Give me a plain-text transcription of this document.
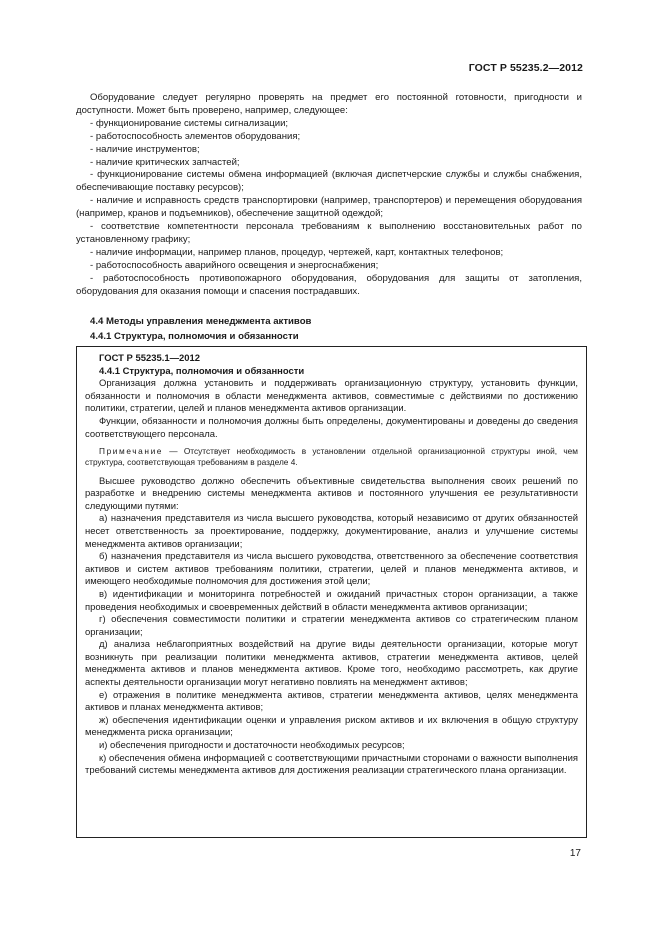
ГОСТ Р 55235.2—2012

Оборудование следует регулярно проверять на предмет его постоянной готовности, пригодности и доступности. Может быть проверено, например, следующее:

- функционирование системы сигнализации;

- работоспособность элементов оборудования;

- наличие инструментов;

- наличие критических запчастей;

- функционирование системы обмена информацией (включая диспетчерские службы и службы снабжения, обеспечивающие поставку ресурсов);

- наличие и исправность средств транспортировки (например, транспортеров) и перемещения оборудования (например, кранов и подъемников), обеспечение защитной одеждой;

- соответствие компетентности персонала требованиям к выполнению восстановительных работ по установленному графику;

- наличие информации, например планов, процедур, чертежей, карт, контактных телефонов;

- работоспособность аварийного освещения и энергоснабжения;

- работоспособность противопожарного оборудования, оборудования для защиты от затопления, оборудования для оказания помощи и спасения пострадавших.

4.4 Методы управления менеджмента активов
4.4.1 Структура, полномочия и обязанности

ГОСТ Р 55235.1—2012

4.4.1 Структура, полномочия и обязанности

Организация должна установить и поддерживать организационную структуру, установить функции, обязанности и полномочия в области менеджмента активов, совместимые с действиями по достижению политики, стратегии, целей и планов менеджмента активов организации.

Функции, обязанности и полномочия должны быть определены, документированы и доведены до сведения соответствующего персонала.

Примечание — Отсутствует необходимость в установлении отдельной организационной структуры иной, чем структура, соответствующая требованиям в разделе 4.

Высшее руководство должно обеспечить объективные свидетельства выполнения своих решений по разработке и внедрению системы менеджмента активов и постоянного улучшения ее результативности следующими путями:

а) назначения представителя из числа высшего руководства, который независимо от других обязанностей несет ответственность за проектирование, поддержку, документирование, анализ и улучшение системы менеджмента активов организации;

б) назначения представителя из числа высшего руководства, ответственного за обеспечение соответствия активов и систем активов требованиям политики, стратегии, целей и планов менеджмента активов, и имеющего необходимые полномочия для достижения этой цели;

в) идентификации и мониторинга потребностей и ожиданий причастных сторон организации, а также проведения необходимых и своевременных действий в области менеджмента активов организации;

г) обеспечения совместимости политики и стратегии менеджмента активов со стратегическим планом организации;

д) анализа неблагоприятных воздействий на другие виды деятельности организации, которые могут возникнуть при реализации политики менеджмента активов, стратегии менеджмента активов, целей менеджмента активов и планов менеджмента активов. Кроме того, необходимо рассмотреть, как другие аспекты деятельности организации могут негативно повлиять на менеджмент активов;

е) отражения в политике менеджмента активов, стратегии менеджмента активов, целях менеджмента активов и планах менеджмента активов;

ж) обеспечения идентификации оценки и управления риском активов и их включения в общую структуру менеджмента риска организации;

и) обеспечения пригодности и достаточности необходимых ресурсов;

к) обеспечения обмена информацией с соответствующими причастными сторонами о важности выполнения требований системы менеджмента активов для достижения реализации стратегического плана организации.

17
